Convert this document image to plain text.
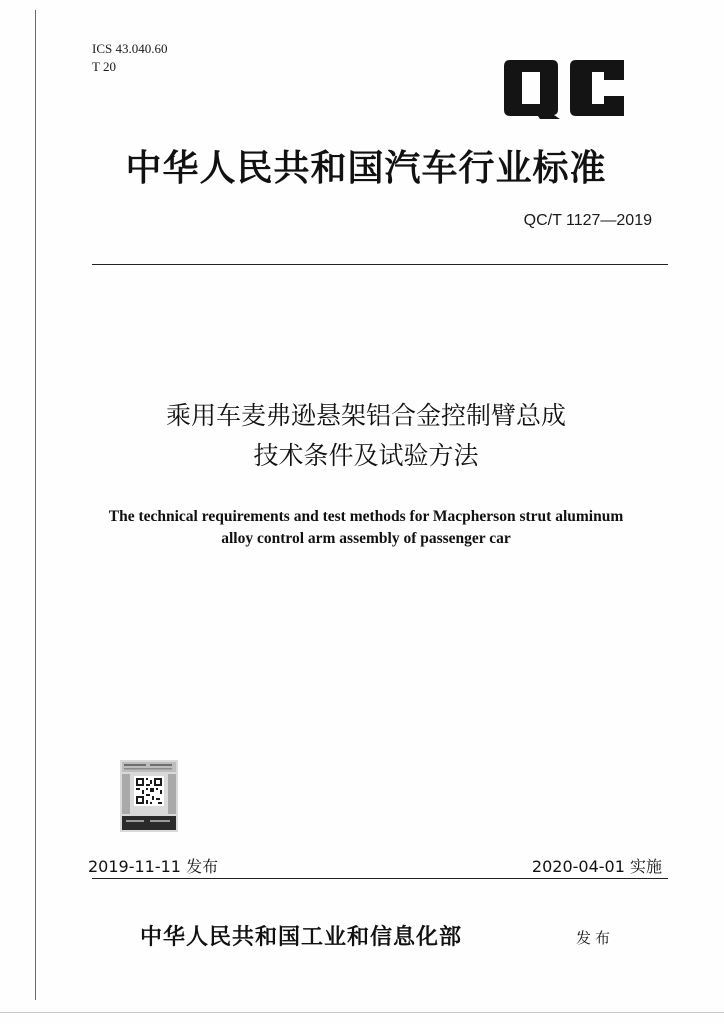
ICS 43.040.60
T 20
中华人民共和国汽车行业标准
QC/T 1127—2019
乘用车麦弗逊悬架铝合金控制臂总成
技术条件及试验方法
The technical requirements and test methods for Macpherson strut aluminum
alloy control arm assembly of passenger car
2019-11-11 发布	2020-04-01 实施
中华人民共和国工业和信息化部	发布
